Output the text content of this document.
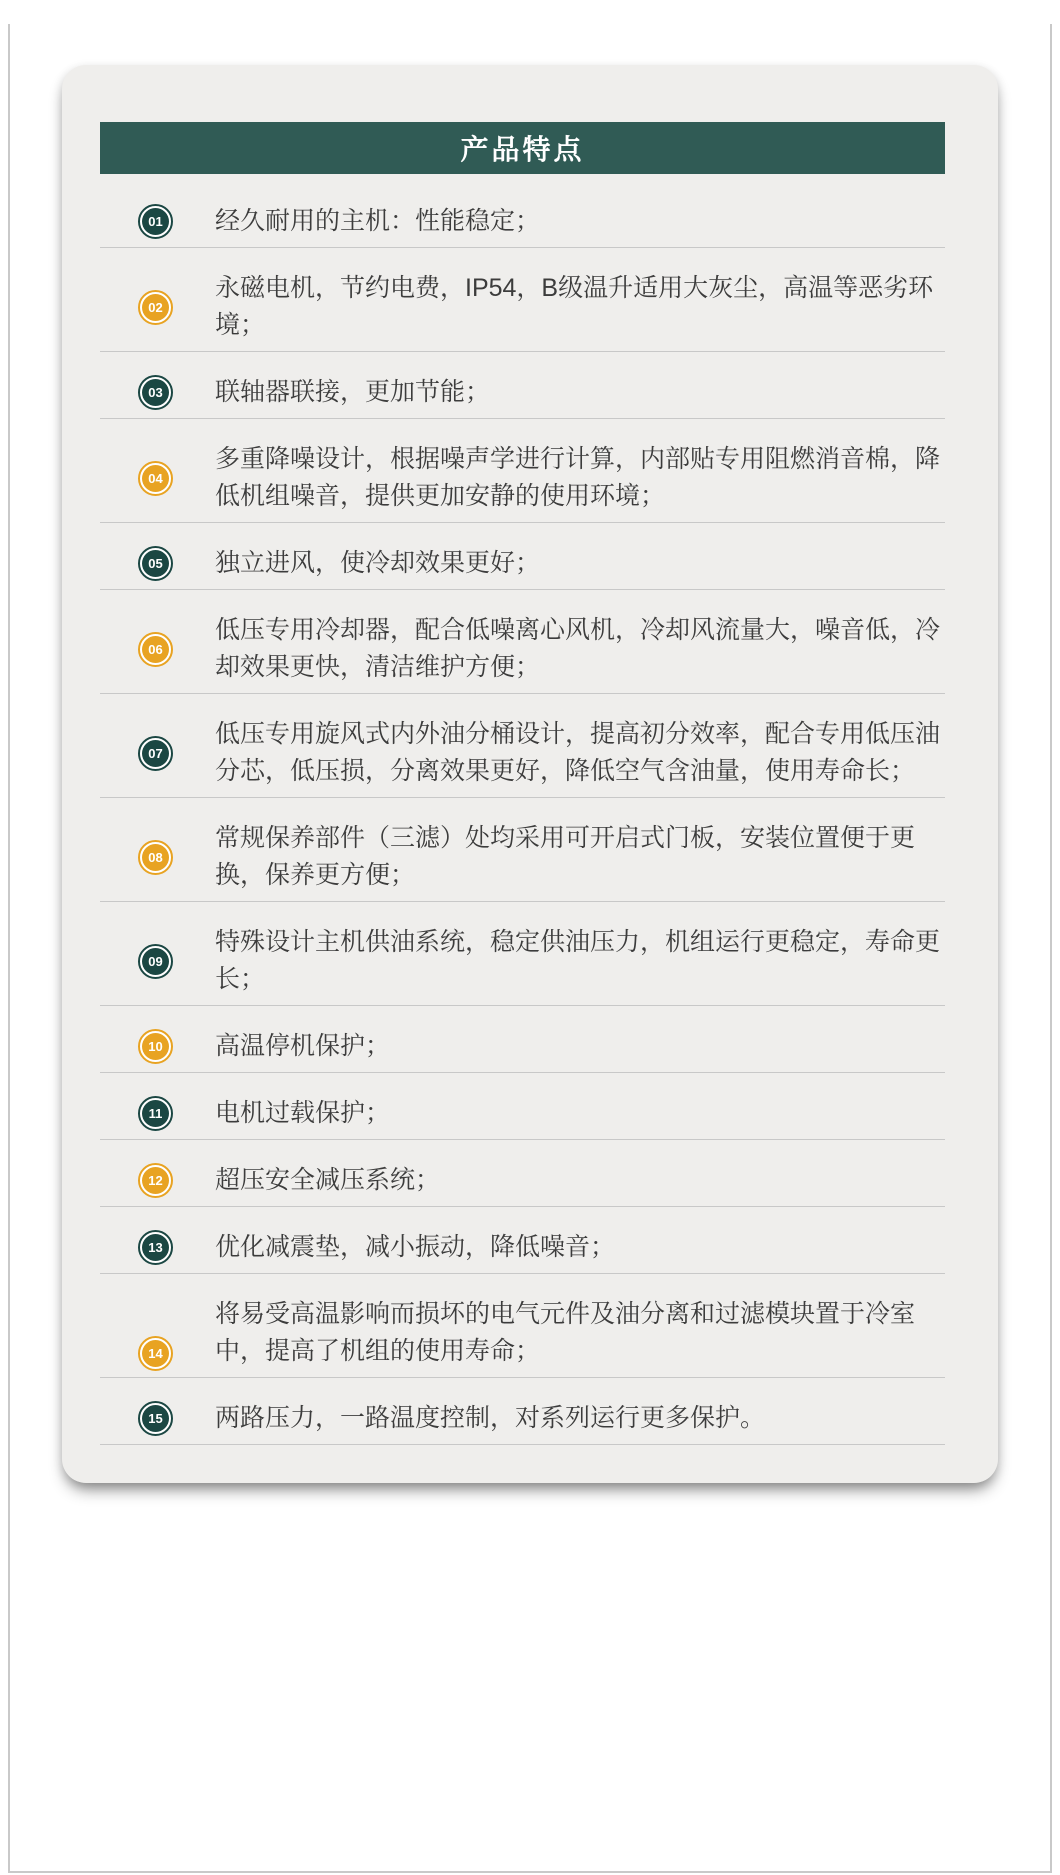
产品特点
01 经久耐用的主机：性能稳定；
02
永磁电机，节约电费，IP54，B级温升适用大灰尘，高温等恶劣环境；
03 联轴器联接，更加节能；
04
多重降噪设计，根据噪声学进行计算，内部贴专用阻燃消音棉，降低机组噪音，提供更加安静的使用环境；
05 独立进风，使冷却效果更好；
06
低压专用冷却器，配合低噪离心风机，冷却风流量大，噪音低，冷却效果更快，清洁维护方便；
07
低压专用旋风式内外油分桶设计，提高初分效率，配合专用低压油分芯，低压损，分离效果更好，降低空气含油量，使用寿命长；
08
常规保养部件（三滤）处均采用可开启式门板，安装位置便于更换，保养更方便；
09
特殊设计主机供油系统，稳定供油压力，机组运行更稳定，寿命更长；
10 高温停机保护；
11 电机过载保护；
12 超压安全减压系统；
13 优化减震垫，减小振动，降低噪音；
14
将易受高温影响而损坏的电气元件及油分离和过滤模块置于冷室中，提高了机组的使用寿命；
15 两路压力，一路温度控制，对系列运行更多保护。
